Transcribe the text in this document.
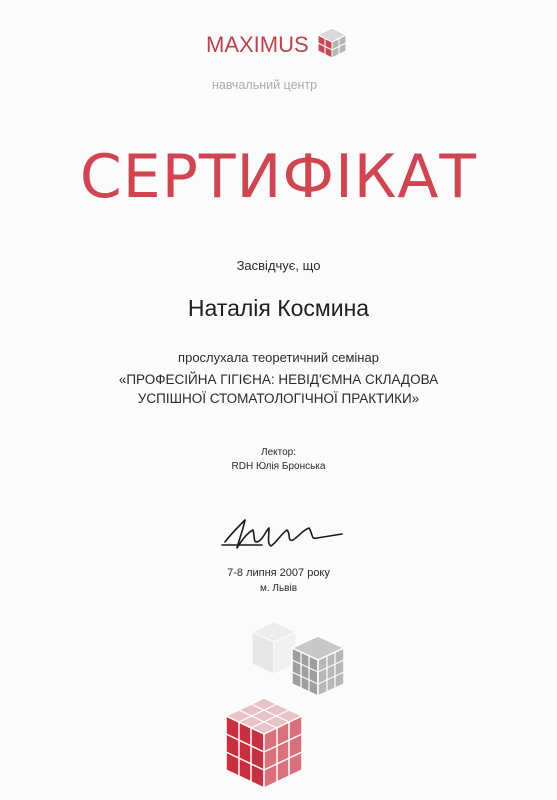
MAXIMUS
навчальний центр
СЕРТИФІКАТ
Засвідчує, що
Наталія Космина
прослухала теоретичний семінар
«ПРОФЕСІЙНА ГІГІЄНА: НЕВІД'ЄМНА СКЛАДОВА
УСПІШНОЇ СТОМАТОЛОГІЧНОЇ ПРАКТИКИ»
Лектор:
RDH Юлія Бронська
7-8 липня 2007 року
м. Львів
